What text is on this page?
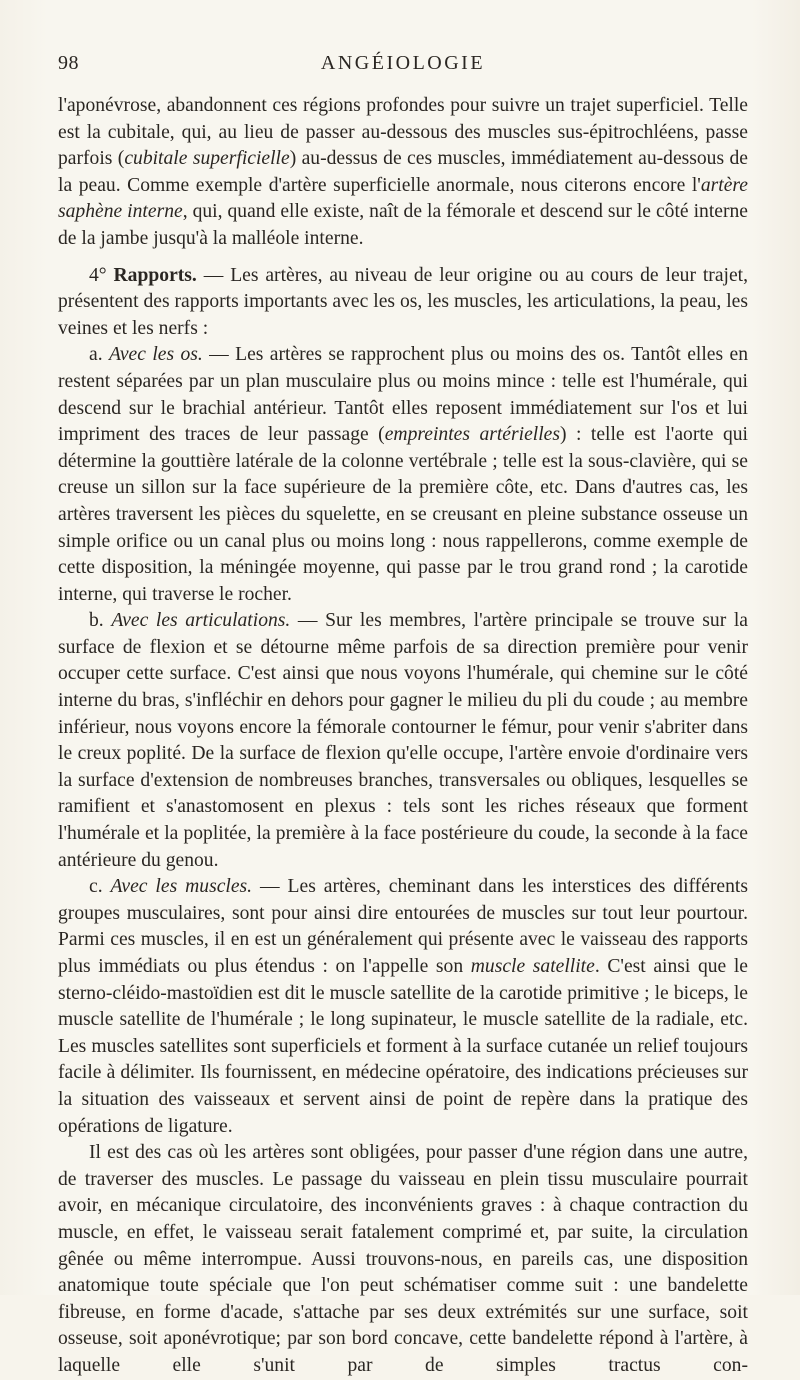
98	ANGÉIOLOGIE

l'aponévrose, abandonnent ces régions profondes pour suivre un trajet superficiel. Telle est la cubitale, qui, au lieu de passer au-dessous des muscles sus-épitrochléens, passe parfois (cubitale superficielle) au-dessus de ces muscles, immédiatement au-dessous de la peau. Comme exemple d'artère superficielle anormale, nous citerons encore l'artère saphène interne, qui, quand elle existe, naît de la fémorale et descend sur le côté interne de la jambe jusqu'à la malléole interne.

4° Rapports. — Les artères, au niveau de leur origine ou au cours de leur trajet, présentent des rapports importants avec les os, les muscles, les articulations, la peau, les veines et les nerfs :

a. Avec les os. — Les artères se rapprochent plus ou moins des os. Tantôt elles en restent séparées par un plan musculaire plus ou moins mince : telle est l'humérale, qui descend sur le brachial antérieur. Tantôt elles reposent immédiatement sur l'os et lui impriment des traces de leur passage (empreintes artérielles) : telle est l'aorte qui détermine la gouttière latérale de la colonne vertébrale ; telle est la sous-clavière, qui se creuse un sillon sur la face supérieure de la première côte, etc. Dans d'autres cas, les artères traversent les pièces du squelette, en se creusant en pleine substance osseuse un simple orifice ou un canal plus ou moins long : nous rappellerons, comme exemple de cette disposition, la méningée moyenne, qui passe par le trou grand rond ; la carotide interne, qui traverse le rocher.

b. Avec les articulations. — Sur les membres, l'artère principale se trouve sur la surface de flexion et se détourne même parfois de sa direction première pour venir occuper cette surface. C'est ainsi que nous voyons l'humérale, qui chemine sur le côté interne du bras, s'infléchir en dehors pour gagner le milieu du pli du coude ; au membre inférieur, nous voyons encore la fémorale contourner le fémur, pour venir s'abriter dans le creux poplité. De la surface de flexion qu'elle occupe, l'artère envoie d'ordinaire vers la surface d'extension de nombreuses branches, transversales ou obliques, lesquelles se ramifient et s'anastomosent en plexus : tels sont les riches réseaux que forment l'humérale et la poplitée, la première à la face postérieure du coude, la seconde à la face antérieure du genou.

c. Avec les muscles. — Les artères, cheminant dans les interstices des différents groupes musculaires, sont pour ainsi dire entourées de muscles sur tout leur pourtour. Parmi ces muscles, il en est un généralement qui présente avec le vaisseau des rapports plus immédiats ou plus étendus : on l'appelle son muscle satellite. C'est ainsi que le sterno-cléido-mastoïdien est dit le muscle satellite de la carotide primitive ; le biceps, le muscle satellite de l'humérale ; le long supinateur, le muscle satellite de la radiale, etc. Les muscles satellites sont superficiels et forment à la surface cutanée un relief toujours facile à délimiter. Ils fournissent, en médecine opératoire, des indications précieuses sur la situation des vaisseaux et servent ainsi de point de repère dans la pratique des opérations de ligature.

Il est des cas où les artères sont obligées, pour passer d'une région dans une autre, de traverser des muscles. Le passage du vaisseau en plein tissu musculaire pourrait avoir, en mécanique circulatoire, des inconvénients graves : à chaque contraction du muscle, en effet, le vaisseau serait fatalement comprimé et, par suite, la circulation gênée ou même interrompue. Aussi trouvons-nous, en pareils cas, une disposition anatomique toute spéciale que l'on peut schématiser comme suit : une bandelette fibreuse, en forme d'acade, s'attache par ses deux extrémités sur une surface, soit osseuse, soit aponévrotique; par son bord concave, cette bandelette répond à l'artère, à laquelle elle s'unit par de simples tractus con-
